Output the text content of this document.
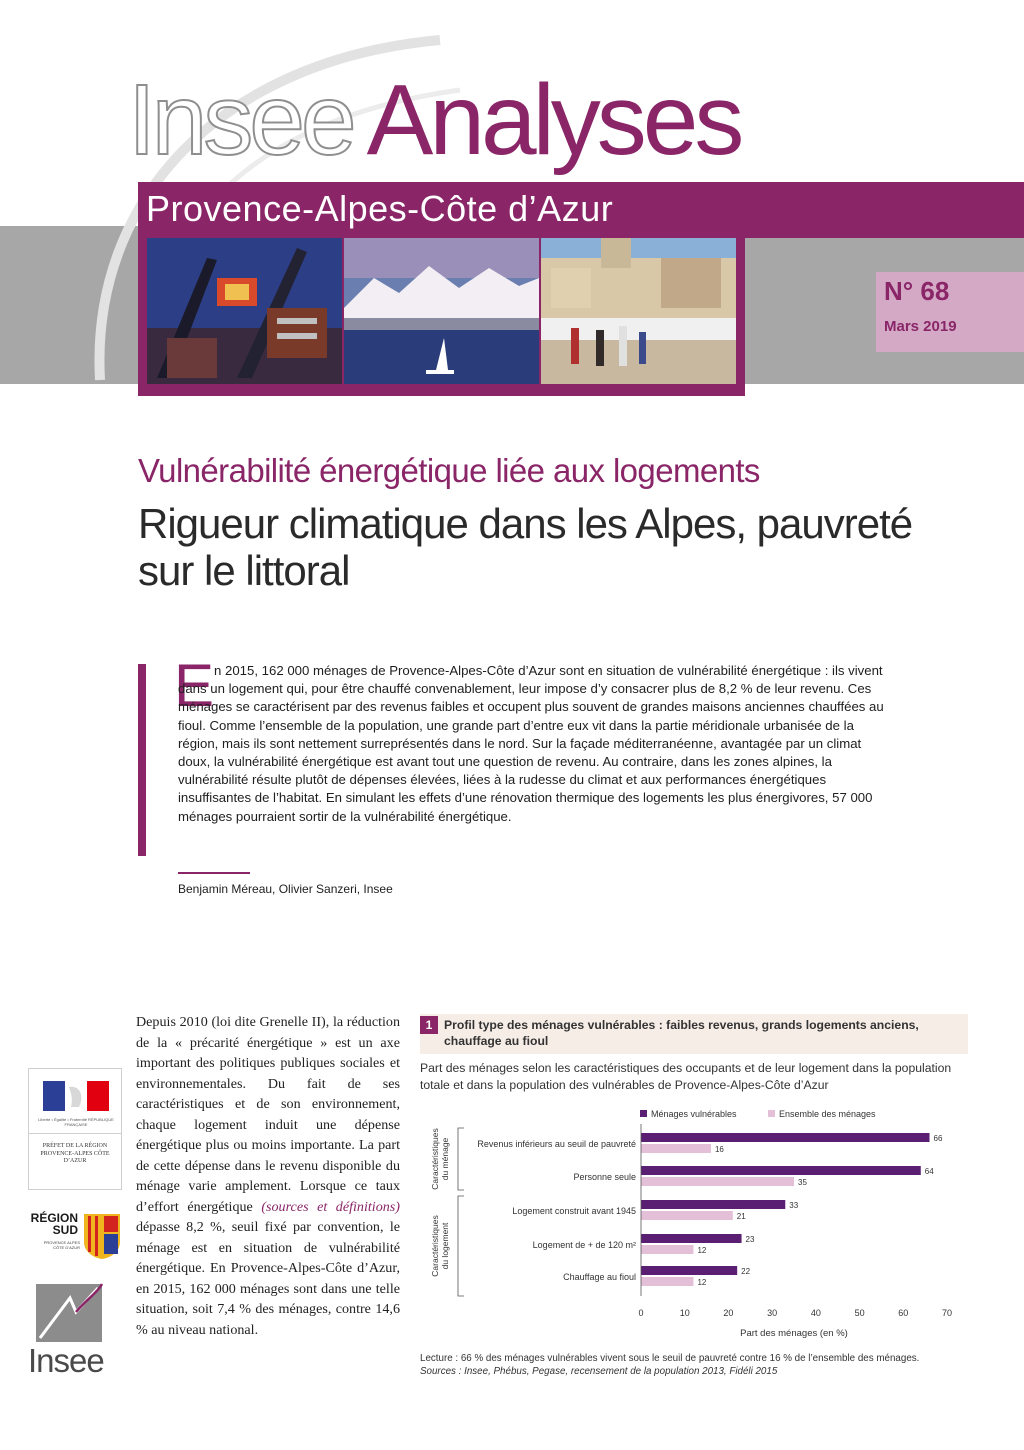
Insee Analyses
Provence-Alpes-Côte d’Azur
N° 68
Mars 2019
Vulnérabilité énergétique liée aux logements
Rigueur climatique dans les Alpes, pauvreté sur le littoral
E n 2015, 162 000 ménages de Provence-Alpes-Côte d’Azur sont en situation de vulnérabilité énergétique : ils vivent dans un logement qui, pour être chauffé convenablement, leur impose d’y consacrer plus de 8,2 % de leur revenu. Ces ménages se caractérisent par des revenus faibles et occupent plus souvent de grandes maisons anciennes chauffées au fioul. Comme l’ensemble de la population, une grande part d’entre eux vit dans la partie méridionale urbanisée de la région, mais ils sont nettement surreprésentés dans le nord. Sur la façade méditerranéenne, avantagée par un climat doux, la vulnérabilité énergétique est avant tout une question de revenu. Au contraire, dans les zones alpines, la vulnérabilité résulte plutôt de dépenses élevées, liées à la rudesse du climat et aux performances énergétiques insuffisantes de l’habitat. En simulant les effets d’une rénovation thermique des logements les plus énergivores, 57 000 ménages pourraient sortir de la vulnérabilité énergétique.

Benjamin Méreau, Olivier Sanzeri, Insee

Depuis 2010 (loi dite Grenelle II), la réduction de la « précarité énergétique » est un axe important des politiques publiques sociales et environnementales. Du fait de ses caractéristiques et de son environnement, chaque logement induit une dépense énergétique plus ou moins importante. La part de cette dépense dans le revenu disponible du ménage varie amplement. Lorsque ce taux d’effort énergétique (sources et définitions) dépasse 8,2 %, seuil fixé par convention, le ménage est en situation de vulnérabilité énergétique. En Provence-Alpes-Côte d’Azur, en 2015, 162 000 ménages sont dans une telle situation, soit 7,4 % des ménages, contre 14,6 % au niveau national.

Liberté • Égalité • Fraternité RÉPUBLIQUE FRANÇAISE
PRÉFET DE LA RÉGION PROVENCE-ALPES CÔTE D’AZUR
RÉGION SUD
PROVENCE ALPES CÔTE D’AZUR
Insee
1 Profil type des ménages vulnérables : faibles revenus, grands logements anciens, chauffage au fioul
Part des ménages selon les caractéristiques des occupants et de leur logement dans la population totale et dans la population des vulnérables de Provence-Alpes-Côte d’Azur
Ménages vulnérables	Ensemble des ménages
Revenus inférieurs au seuil de pauvreté
66
16
Personne seule
64
35
Logement construit avant 1945
33
21
Logement de + de 120 m²
23
12
Chauffage au fioul
22
12
0	10	20	30	40	50	60	70
Part des ménages (en %)
Caractéristiques du ménage
Caractéristiques du logement
Lecture : 66 % des ménages vulnérables vivent sous le seuil de pauvreté contre 16 % de l’ensemble des ménages.
Sources : Insee, Phébus, Pegase, recensement de la population 2013, Fidéli 2015
